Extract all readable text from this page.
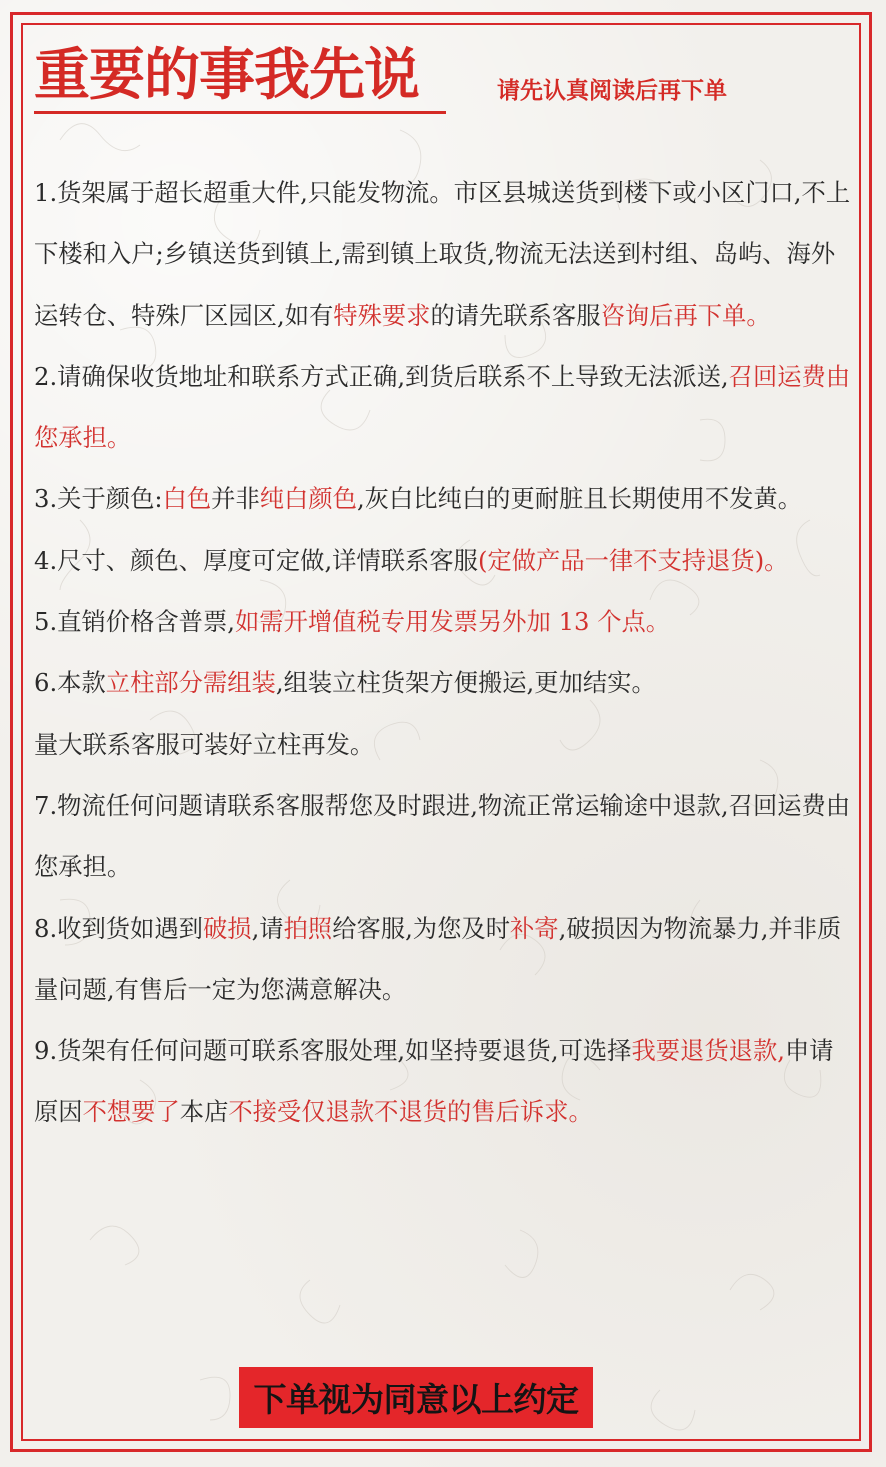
重要的事我先说	请先认真阅读后再下单

1.货架属于超长超重大件,只能发物流。市区县城送货到楼下或小区门口,不上下楼和入户;乡镇送货到镇上,需到镇上取货,物流无法送到村组、岛屿、海外运转仓、特殊厂区园区,如有特殊要求的请先联系客服咨询后再下单。

2.请确保收货地址和联系方式正确,到货后联系不上导致无法派送,召回运费由您承担。

3.关于颜色:白色并非纯白颜色,灰白比纯白的更耐脏且长期使用不发黄。

4.尺寸、颜色、厚度可定做,详情联系客服(定做产品一律不支持退货)。

5.直销价格含普票,如需开增值税专用发票另外加 13 个点。

6.本款立柱部分需组装,组装立柱货架方便搬运,更加结实。

量大联系客服可装好立柱再发。

7.物流任何问题请联系客服帮您及时跟进,物流正常运输途中退款,召回运费由您承担。

8.收到货如遇到破损,请拍照给客服,为您及时补寄,破损因为物流暴力,并非质量问题,有售后一定为您满意解决。

9.货架有任何问题可联系客服处理,如坚持要退货,可选择我要退货退款,申请原因不想要了本店不接受仅退款不退货的售后诉求。

下单视为同意以上约定
